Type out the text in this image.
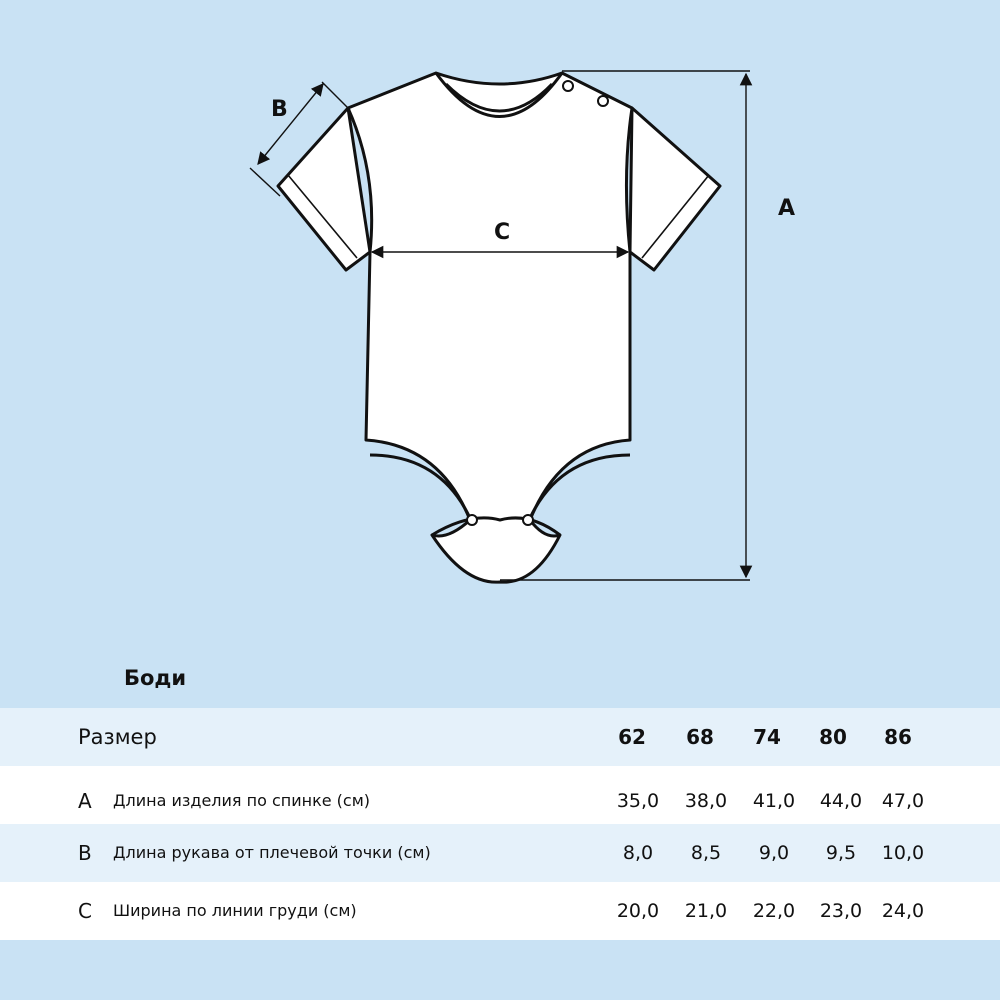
A
B
C
Боди
Размер	62	68	74	80	86
A Длина изделия по спинке (см)	35,0	38,0	41,0	44,0	47,0
B Длина рукава от плечевой точки (см)	8,0	8,5	9,0	9,5	10,0
C Ширина по линии груди (см)	20,0	21,0	22,0	23,0	24,0
